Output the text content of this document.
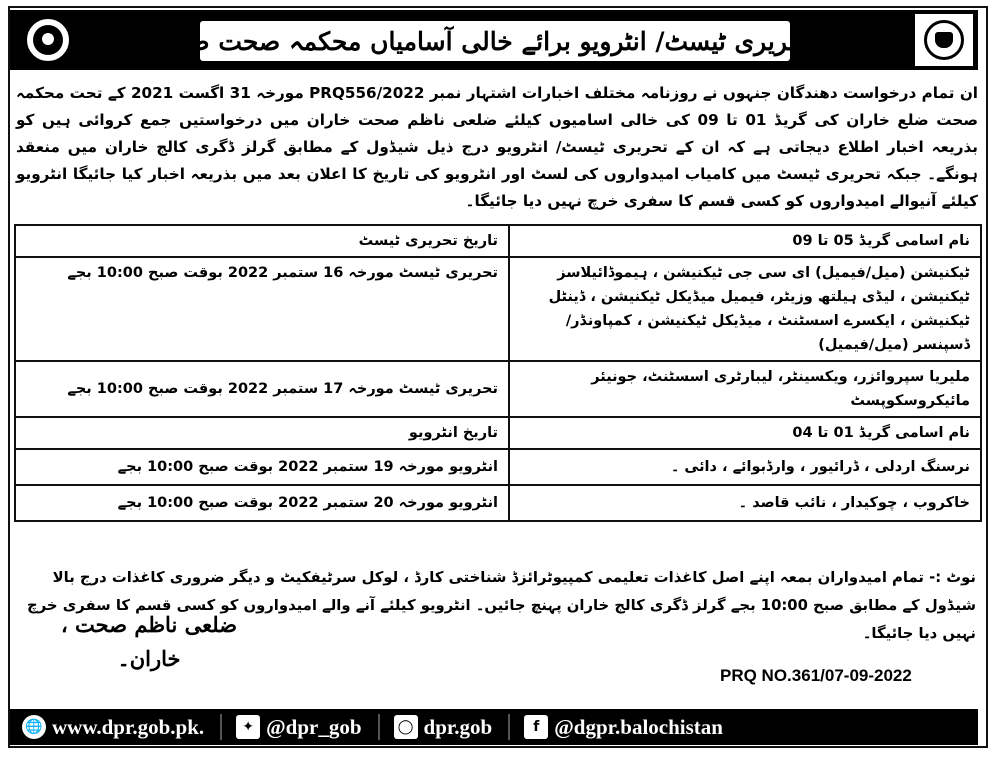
(شیڈول تحریری ٹیسٹ/ انٹرویو برائے خالی آسامیاں محکمہ صحت ضلع خاران)

ان تمام درخواست دھندگان جنہوں نے روزنامہ مختلف اخبارات اشتہار نمبر PRQ556/2022 مورخہ 31 اگست 2021 کے تحت محکمہ صحت ضلع خاران کی گریڈ 01 تا 09 کی خالی اسامیوں کیلئے ضلعی ناظم صحت خاران میں درخواستیں جمع کروائی ہیں کو بذریعہ اخبار اطلاع دیجاتی ہے کہ ان کے تحریری ٹیسٹ/ انٹرویو درج ذیل شیڈول کے مطابق گرلز ڈگری کالج خاران میں منعقد ہونگے۔ جبکہ تحریری ٹیسٹ میں کامیاب امیدواروں کی لسٹ اور انٹرویو کی تاریخ کا اعلان بعد میں بذریعہ اخبار کیا جائیگا انٹرویو کیلئے آنیوالے امیدواروں کو کسی قسم کا سفری خرچ نہیں دیا جائیگا۔

نام اسامی گریڈ 05 تا 09	تاریخ تحریری ٹیسٹ
ٹیکنیشن (میل/فیمیل) ای سی جی ٹیکنیشن ، ہیموڈائیلاسز ٹیکنیشن ، لیڈی ہیلتھ وزیٹر، فیمیل میڈیکل ٹیکنیشن ، ڈینٹل ٹیکنیشن ، ایکسرے اسسٹنٹ ، میڈیکل ٹیکنیشن ، کمپاونڈر/ڈسپنسر (میل/فیمیل)	تحریری ٹیسٹ مورخہ 16 ستمبر 2022 بوقت صبح 10:00 بجے
ملیریا سپروائزر، ویکسینٹر، لیبارٹری اسسٹنٹ، جونیئر مائیکروسکوپسٹ	تحریری ٹیسٹ مورخہ 17 ستمبر 2022 بوقت صبح 10:00 بجے
نام اسامی گریڈ 01 تا 04	تاریخ انٹرویو
نرسنگ اردلی ، ڈرائیور ، وارڈبوائے ، دائی ۔	انٹرویو مورخہ 19 ستمبر 2022 بوقت صبح 10:00 بجے
خاکروب ، چوکیدار ، نائب قاصد ۔	انٹرویو مورخہ 20 ستمبر 2022 بوقت صبح 10:00 بجے

نوٹ :- تمام امیدواران بمعہ اپنے اصل کاغذات تعلیمی کمپیوٹرائزڈ شناختی کارڈ ، لوکل سرٹیفکیٹ و دیگر ضروری کاغذات درج بالا شیڈول کے مطابق صبح 10:00 بجے گرلز ڈگری کالج خاران پہنچ جائیں۔ انٹرویو کیلئے آنے والے امیدواروں کو کسی قسم کا سفری خرچ نہیں دیا جائیگا۔

ضلعی ناظم صحت ،
خاران۔
PRQ NO.361/07-09-2022
🌐 www.dpr.gob.pk.	✦ @dpr_gob	◯ dpr.gob	f @dgpr.balochistan
